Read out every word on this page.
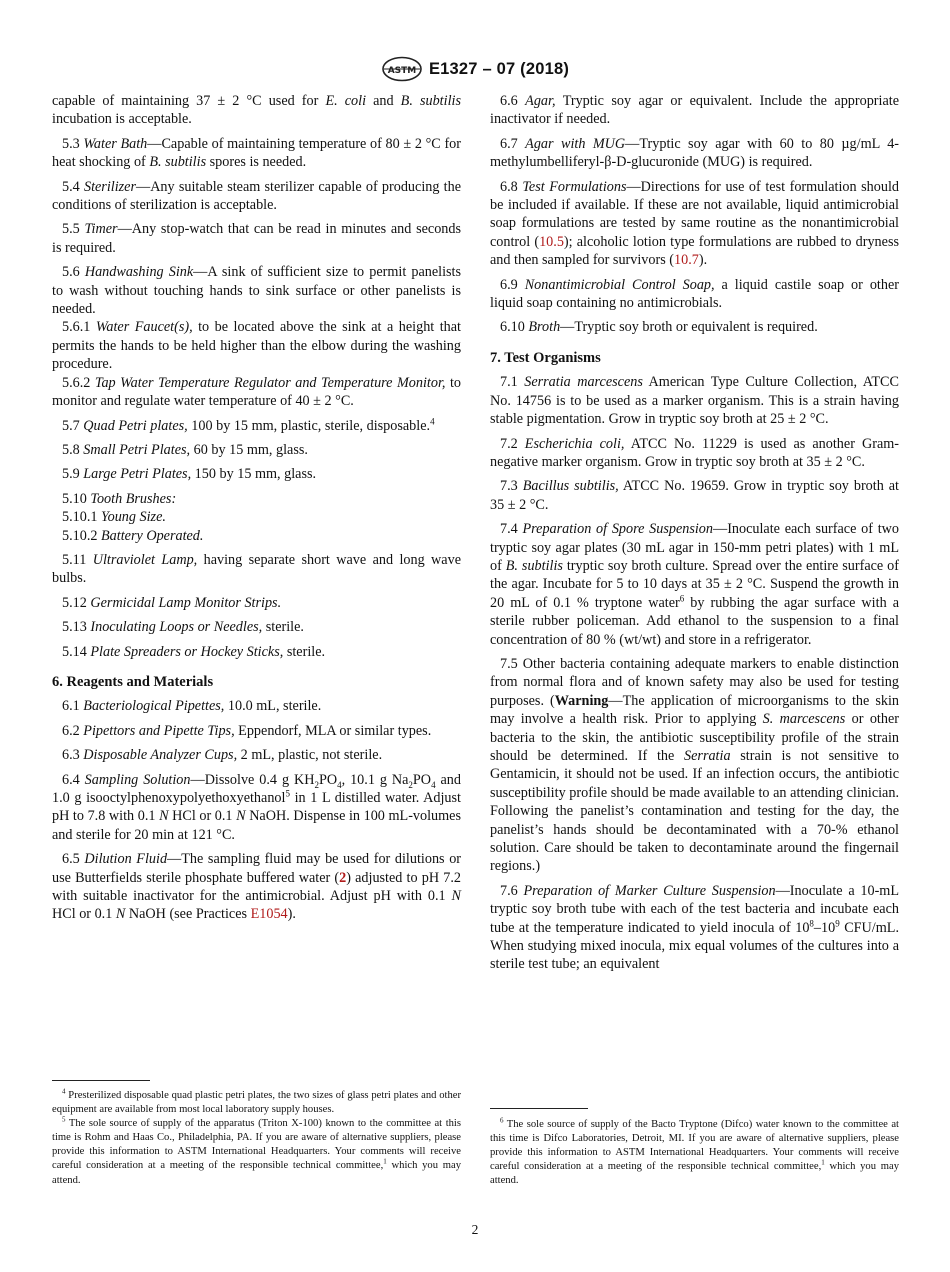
ASTM E1327 – 07 (2018)

capable of maintaining 37 ± 2 °C used for E. coli and B. subtilis incubation is acceptable.

5.3 Water Bath—Capable of maintaining temperature of 80 ± 2 °C for heat shocking of B. subtilis spores is needed.

5.4 Sterilizer—Any suitable steam sterilizer capable of producing the conditions of sterilization is acceptable.

5.5 Timer—Any stop-watch that can be read in minutes and seconds is required.

5.6 Handwashing Sink—A sink of sufficient size to permit panelists to wash without touching hands to sink surface or other panelists is needed.

5.6.1 Water Faucet(s), to be located above the sink at a height that permits the hands to be held higher than the elbow during the washing procedure.

5.6.2 Tap Water Temperature Regulator and Temperature Monitor, to monitor and regulate water temperature of 40 ± 2 °C.

5.7 Quad Petri plates, 100 by 15 mm, plastic, sterile, disposable.$^4$

5.8 Small Petri Plates, 60 by 15 mm, glass.

5.9 Large Petri Plates, 150 by 15 mm, glass.

5.10 Tooth Brushes:

5.10.1 Young Size.

5.10.2 Battery Operated.

5.11 Ultraviolet Lamp, having separate short wave and long wave bulbs.

5.12 Germicidal Lamp Monitor Strips.

5.13 Inoculating Loops or Needles, sterile.

5.14 Plate Spreaders or Hockey Sticks, sterile.

6. Reagents and Materials

6.1 Bacteriological Pipettes, 10.0 mL, sterile.

6.2 Pipettors and Pipette Tips, Eppendorf, MLA or similar types.

6.3 Disposable Analyzer Cups, 2 mL, plastic, not sterile.

6.4 Sampling Solution—Dissolve 0.4 g $KH_2PO_4$, 10.1 g $Na_2PO_4$ and 1.0 g isooctylphenoxypolyethoxyethanol$^5$ in 1 L distilled water. Adjust pH to 7.8 with 0.1 N HCl or 0.1 N NaOH. Dispense in 100 mL-volumes and sterile for 20 min at 121 °C.

6.5 Dilution Fluid—The sampling fluid may be used for dilutions or use Butterfields sterile phosphate buffered water (2) adjusted to pH 7.2 with suitable inactivator for the antimicrobial. Adjust pH with 0.1 N HCl or 0.1 N NaOH (see Practices E1054).

6.6 Agar, Tryptic soy agar or equivalent. Include the appropriate inactivator if needed.

6.7 Agar with MUG—Tryptic soy agar with 60 to 80 µg/mL 4-methylumbelliferyl-β-D-glucuronide (MUG) is required.

6.8 Test Formulations—Directions for use of test formulation should be included if available. If these are not available, liquid antimicrobial soap formulations are tested by same routine as the nonantimicrobial control (10.5); alcoholic lotion type formulations are rubbed to dryness and then sampled for survivors (10.7).

6.9 Nonantimicrobial Control Soap, a liquid castile soap or other liquid soap containing no antimicrobials.

6.10 Broth—Tryptic soy broth or equivalent is required.

7. Test Organisms

7.1 Serratia marcescens American Type Culture Collection, ATCC No. 14756 is to be used as a marker organism. This is a strain having stable pigmentation. Grow in tryptic soy broth at 25 ± 2 °C.

7.2 Escherichia coli, ATCC No. 11229 is used as another Gram-negative marker organism. Grow in tryptic soy broth at 35 ± 2 °C.

7.3 Bacillus subtilis, ATCC No. 19659. Grow in tryptic soy broth at 35 ± 2 °C.

7.4 Preparation of Spore Suspension—Inoculate each surface of two tryptic soy agar plates (30 mL agar in 150-mm petri plates) with 1 mL of B. subtilis tryptic soy broth culture. Spread over the entire surface of the agar. Incubate for 5 to 10 days at 35 ± 2 °C. Suspend the growth in 20 mL of 0.1 % tryptone water$^6$ by rubbing the agar surface with a sterile rubber policeman. Add ethanol to the suspension to a final concentration of 80 % (wt/wt) and store in a refrigerator.

7.5 Other bacteria containing adequate markers to enable distinction from normal flora and of known safety may also be used for testing purposes. (Warning—The application of microorganisms to the skin may involve a health risk. Prior to applying S. marcescens or other bacteria to the skin, the antibiotic susceptibility profile of the strain should be determined. If the Serratia strain is not sensitive to Gentamicin, it should not be used. If an infection occurs, the antibiotic susceptibility profile should be made available to an attending clinician. Following the panelist’s contamination and testing for the day, the panelist’s hands should be decontaminated with a 70-% ethanol solution. Care should be taken to decontaminate around the fingernail regions.)

7.6 Preparation of Marker Culture Suspension—Inoculate a 10-mL tryptic soy broth tube with each of the test bacteria and incubate each tube at the temperature indicated to yield inocula of $10^8-10^9$ CFU/mL. When studying mixed inocula, mix equal volumes of the cultures into a sterile test tube; an equivalent

$^4$ Presterilized disposable quad plastic petri plates, the two sizes of glass petri plates and other equipment are available from most local laboratory supply houses.

$^5$ The sole source of supply of the apparatus (Triton X-100) known to the committee at this time is Rohm and Haas Co., Philadelphia, PA. If you are aware of alternative suppliers, please provide this information to ASTM International Headquarters. Your comments will receive careful consideration at a meeting of the responsible technical committee,$^1$ which you may attend.

$^6$ The sole source of supply of the Bacto Tryptone (Difco) water known to the committee at this time is Difco Laboratories, Detroit, MI. If you are aware of alternative suppliers, please provide this information to ASTM International Headquarters. Your comments will receive careful consideration at a meeting of the responsible technical committee,$^1$ which you may attend.

2
